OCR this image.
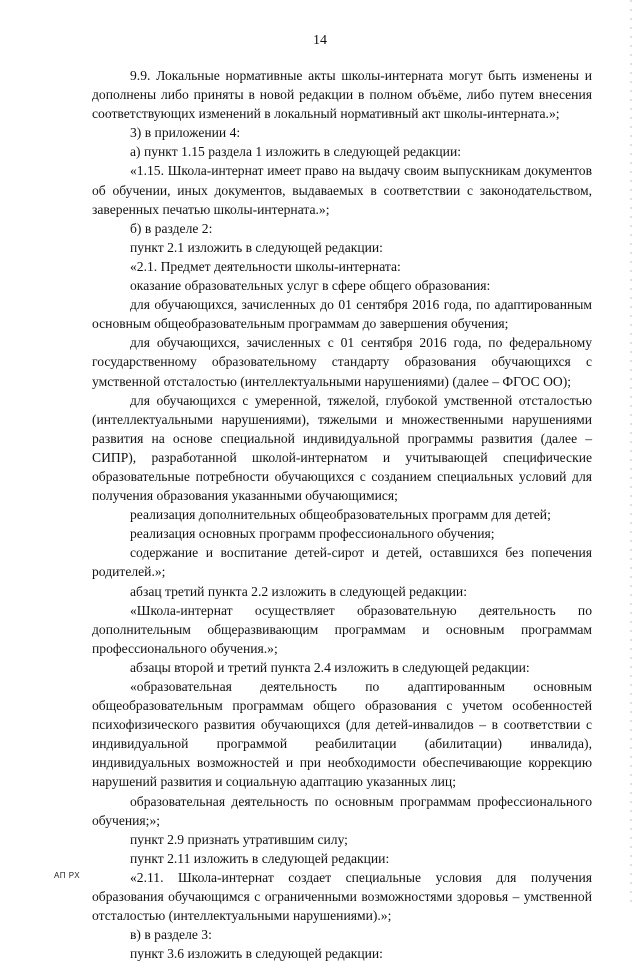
14

9.9. Локальные нормативные акты школы-интерната могут быть изменены и дополнены либо приняты в новой редакции в полном объёме, либо путем внесения соответствующих изменений в локальный нормативный акт школы-интерната.»;

3) в приложении 4:

а) пункт 1.15 раздела 1 изложить в следующей редакции:

«1.15. Школа-интернат имеет право на выдачу своим выпускникам документов об обучении, иных документов, выдаваемых в соответствии с законодательством, заверенных печатью школы-интерната.»;

б) в разделе 2:

пункт 2.1 изложить в следующей редакции:

«2.1. Предмет деятельности школы-интерната:

оказание образовательных услуг в сфере общего образования:

для обучающихся, зачисленных до 01 сентября 2016 года, по адаптированным основным общеобразовательным программам до завершения обучения;

для обучающихся, зачисленных с 01 сентября 2016 года, по федеральному государственному образовательному стандарту образования обучающихся с умственной отсталостью (интеллектуальными нарушениями) (далее – ФГОС ОО);

для обучающихся с умеренной, тяжелой, глубокой умственной отсталостью (интеллектуальными нарушениями), тяжелыми и множественными нарушениями развития на основе специальной индивидуальной программы развития (далее – СИПР), разработанной школой-интернатом и учитывающей специфические образовательные потребности обучающихся с созданием специальных условий для получения образования указанными обучающимися;

реализация дополнительных общеобразовательных программ для детей;

реализация основных программ профессионального обучения;

содержание и воспитание детей-сирот и детей, оставшихся без попечения родителей.»;

абзац третий пункта 2.2 изложить в следующей редакции:

«Школа-интернат осуществляет образовательную деятельность по дополнительным общеразвивающим программам и основным программам профессионального обучения.»;

абзацы второй и третий пункта 2.4 изложить в следующей редакции:

«образовательная деятельность по адаптированным основным общеобразовательным программам общего образования с учетом особенностей психофизического развития обучающихся (для детей-инвалидов – в соответствии с индивидуальной программой реабилитации (абилитации) инвалида), индивидуальных возможностей и при необходимости обеспечивающие коррекцию нарушений развития и социальную адаптацию указанных лиц;

образовательная деятельность по основным программам профессионального обучения;»;

пункт 2.9 признать утратившим силу;

пункт 2.11 изложить в следующей редакции:

«2.11. Школа-интернат создает специальные условия для получения образования обучающимся с ограниченными возможностями здоровья – умственной отсталостью (интеллектуальными нарушениями).»;

в) в разделе 3:

пункт 3.6 изложить в следующей редакции:

АП РХ
